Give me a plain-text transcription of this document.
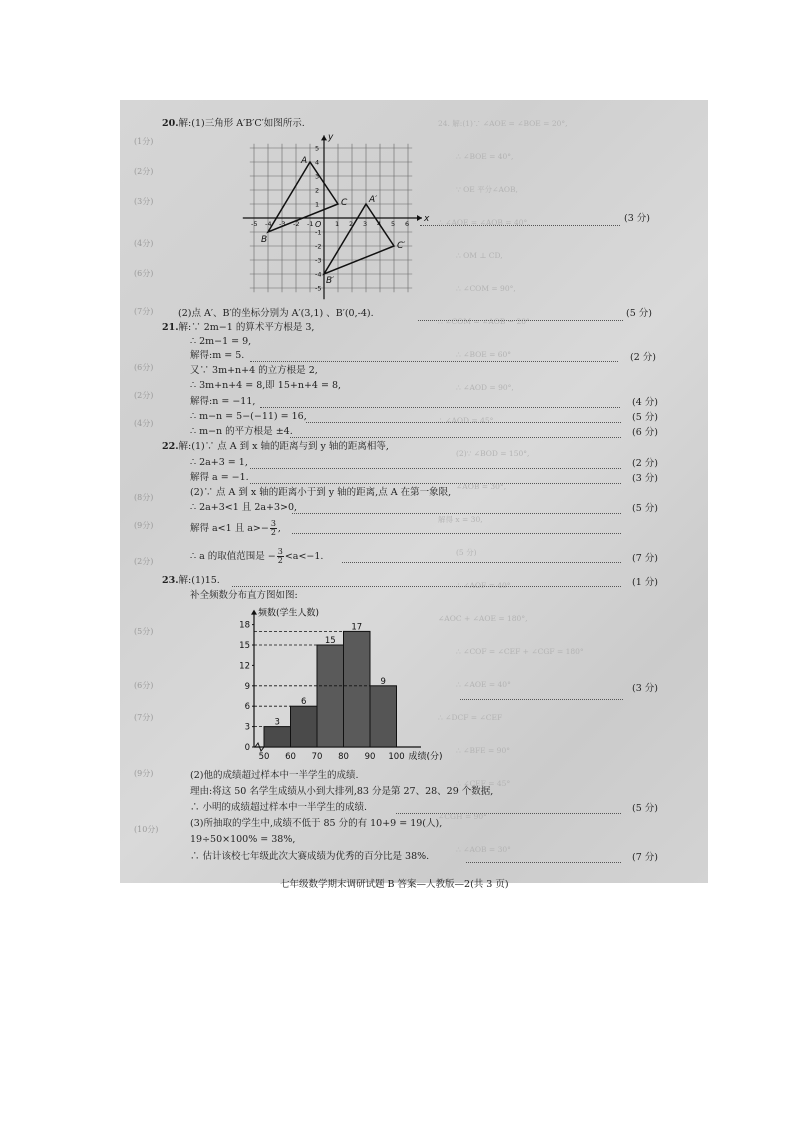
24. 解:(1)∵ ∠AOE = ∠BOE = 20°,
∴ ∠BOE = 40°,
∵ OE 平分∠AOB,
∴ ∠AOE = ∠AOB = 40°,
∴ OM ⊥ CD,
∴ ∠COM = 90°,
∴ ∠COM = ∠AOB − 20°
∴ ∠BOE = 60°
∴ ∠AOD = 90°,
∴ ∠AOD = 45°
(2)∵ ∠BOD = 150°,
∠AOB = 30°,
解得 x = 30,
(5 分)
∴ ∠AOF = 40°
∠AOC + ∠AOE = 180°,
∴ ∠COF = ∠CEF + ∠CGF = 180°
∴ ∠AOE = 40°
∴ ∠DCF = ∠CEF
∴ ∠BFE = 90°
∴ ∠CEF = 45°
∠CGH = 90°
∴ ∠AOB = 30°
(1分)
(2分)
(3分)
(4分)
(6分)
(7分)
(6分)
(2分)
(4分)
(8分)
(9分)
(2分)
(5分)
(6分)
(7分)
(9分)
(10分)
20.解:(1)三角形 A′B′C′如图所示.
x
y
O
A
B
C A′
B′
C′
-5 -4 -3 -2 -1	1 2 3 4 5 6
5
4
3
2
1
-1
-2
-3
-4
-5
(3 分)
(2)点 A′、B′的坐标分别为 A′(3,1) 、B′(0,-4).	(5 分)
21.解:∵ 2m−1 的算术平方根是 3,
∴ 2m−1 = 9,
解得:m = 5.	(2 分)
又∵ 3m+n+4 的立方根是 2,
∴ 3m+n+4 = 8,即 15+n+4 = 8,
解得:n = −11,	(4 分)
∴ m−n = 5−(−11) = 16,	(5 分)
∴ m−n 的平方根是 ±4.	(6 分)
22.解:(1)∵ 点 A 到 x 轴的距离与到 y 轴的距离相等,
∴ 2a+3 = 1,	(2 分)
解得 a = −1.	(3 分)
(2)∵ 点 A 到 x 轴的距离小于到 y 轴的距离,点 A 在第一象限,
∴ 2a+3<1 且 2a+3>0,	(5 分)
解得 a<1 且 $a>- \frac{3}{2}$ ,
∴ a 的取值范围是 − $\frac{3}{2} <a<-1$.	(7 分)
23.解:(1)15.	(1 分)
补全频数分布直方图如图:
频数(学生人数)
0
3
6
9
12
15
18
3
6
15
17
9
50 60 70 80 90 100 成绩(分)
(3 分)
(2)他的成绩超过样本中一半学生的成绩.
理由:将这 50 名学生成绩从小到大排列,83 分是第 27、28、29 个数据,
∴ 小明的成绩超过样本中一半学生的成绩.	(5 分)
(3)所抽取的学生中,成绩不低于 85 分的有 10+9 = 19(人),
19÷50×100% = 38%,
∴ 估计该校七年级此次大赛成绩为优秀的百分比是 38%.	(7 分)
七年级数学期末调研试题 B 答案—人教版—2(共 3 页)
